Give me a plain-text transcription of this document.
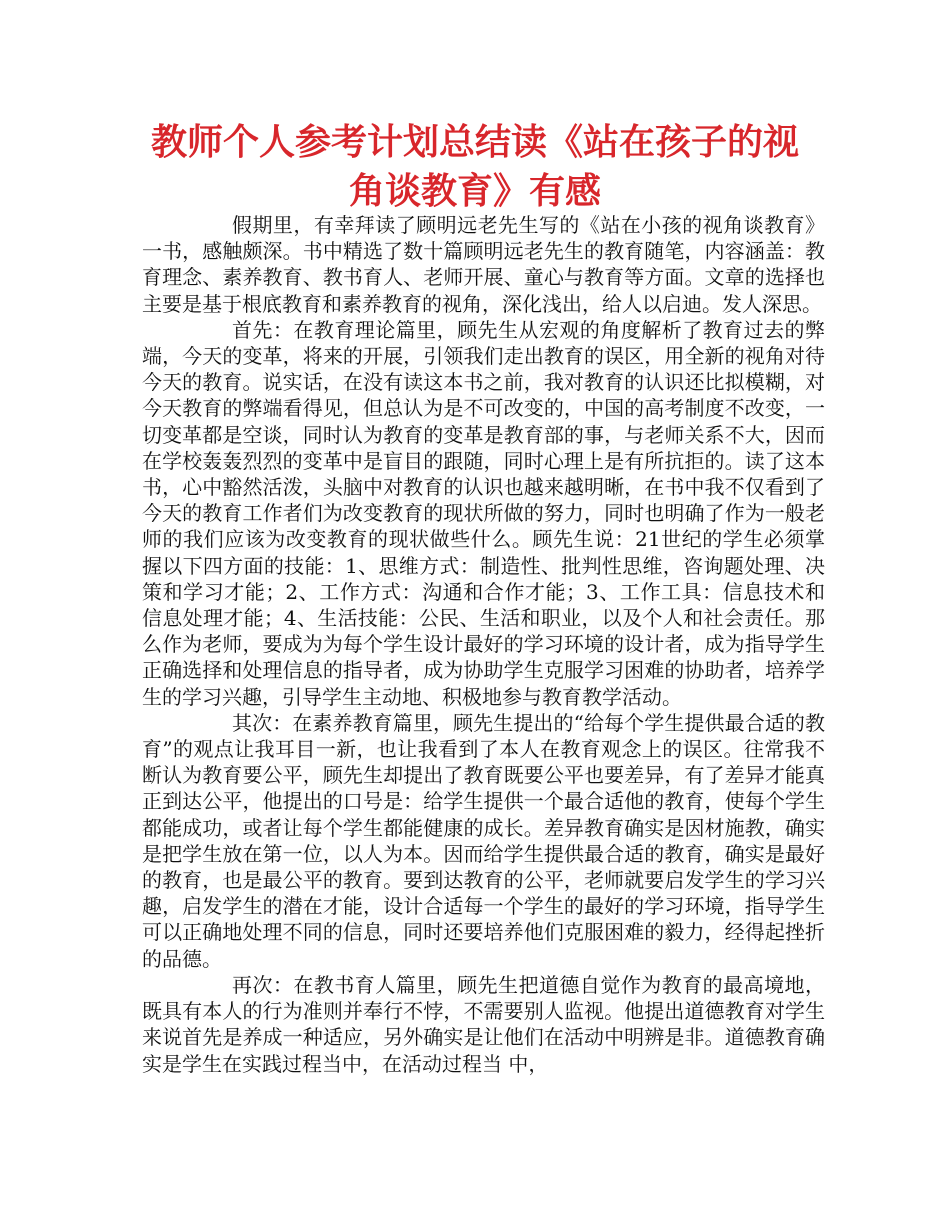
教师个人参考计划总结读《站在孩子的视角谈教育》有感

假期里，有幸拜读了顾明远老先生写的《站在小孩的视角谈教育》一书，感触颇深。书中精选了数十篇顾明远老先生的教育随笔，内容涵盖：教育理念、素养教育、教书育人、老师开展、童心与教育等方面。文章的选择也主要是基于根底教育和素养教育的视角，深化浅出，给人以启迪。发人深思。

首先：在教育理论篇里，顾先生从宏观的角度解析了教育过去的弊端，今天的变革，将来的开展，引领我们走出教育的误区，用全新的视角对待今天的教育。说实话，在没有读这本书之前，我对教育的认识还比拟模糊，对今天教育的弊端看得见，但总认为是不可改变的，中国的高考制度不改变，一切变革都是空谈，同时认为教育的变革是教育部的事，与老师关系不大，因而在学校轰轰烈烈的变革中是盲目的跟随，同时心理上是有所抗拒的。读了这本书，心中豁然活泼，头脑中对教育的认识也越来越明晰，在书中我不仅看到了今天的教育工作者们为改变教育的现状所做的努力，同时也明确了作为一般老师的我们应该为改变教育的现状做些什么。顾先生说：21世纪的学生必须掌握以下四方面的技能：1、思维方式：制造性、批判性思维，咨询题处理、决策和学习才能；2、工作方式：沟通和合作才能；3、工作工具：信息技术和信息处理才能；4、生活技能：公民、生活和职业，以及个人和社会责任。那么作为老师，要成为为每个学生设计最好的学习环境的设计者，成为指导学生正确选择和处理信息的指导者，成为协助学生克服学习困难的协助者，培养学生的学习兴趣，引导学生主动地、积极地参与教育教学活动。

其次：在素养教育篇里，顾先生提出的“给每个学生提供最合适的教育”的观点让我耳目一新，也让我看到了本人在教育观念上的误区。往常我不断认为教育要公平，顾先生却提出了教育既要公平也要差异，有了差异才能真正到达公平，他提出的口号是：给学生提供一个最合适他的教育，使每个学生都能成功，或者让每个学生都能健康的成长。差异教育确实是因材施教，确实是把学生放在第一位，以人为本。因而给学生提供最合适的教育，确实是最好的教育，也是最公平的教育。要到达教育的公平，老师就要启发学生的学习兴趣，启发学生的潜在才能，设计合适每一个学生的最好的学习环境，指导学生可以正确地处理不同的信息，同时还要培养他们克服困难的毅力，经得起挫折的品德。

再次：在教书育人篇里，顾先生把道德自觉作为教育的最高境地，既具有本人的行为准则并奉行不悖，不需要别人监视。他提出道德教育对学生来说首先是养成一种适应，另外确实是让他们在活动中明辨是非。道德教育确实是学生在实践过程当中，在活动过程当 中，
